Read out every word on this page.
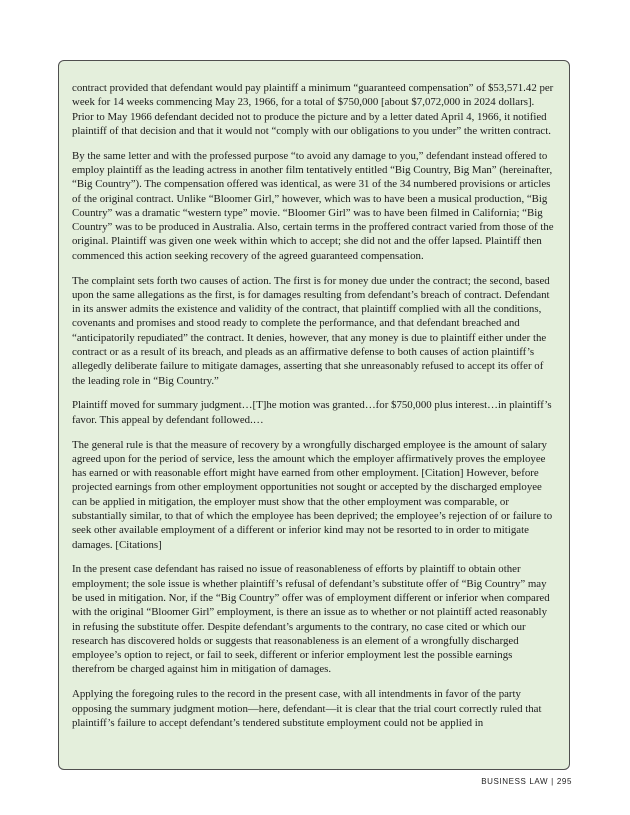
contract provided that defendant would pay plaintiff a minimum “guaranteed compensation” of $53,571.42 per week for 14 weeks commencing May 23, 1966, for a total of $750,000 [about $7,072,000 in 2024 dollars]. Prior to May 1966 defendant decided not to produce the picture and by a letter dated April 4, 1966, it notified plaintiff of that decision and that it would not “comply with our obligations to you under” the written contract.

By the same letter and with the professed purpose “to avoid any damage to you,” defendant instead offered to employ plaintiff as the leading actress in another film tentatively entitled “Big Country, Big Man” (hereinafter, “Big Country”). The compensation offered was identical, as were 31 of the 34 numbered provisions or articles of the original contract. Unlike “Bloomer Girl,” however, which was to have been a musical production, “Big Country” was a dramatic “western type” movie. “Bloomer Girl” was to have been filmed in California; “Big Country” was to be produced in Australia. Also, certain terms in the proffered contract varied from those of the original. Plaintiff was given one week within which to accept; she did not and the offer lapsed. Plaintiff then commenced this action seeking recovery of the agreed guaranteed compensation.

The complaint sets forth two causes of action. The first is for money due under the contract; the second, based upon the same allegations as the first, is for damages resulting from defendant’s breach of contract. Defendant in its answer admits the existence and validity of the contract, that plaintiff complied with all the conditions, covenants and promises and stood ready to complete the performance, and that defendant breached and “anticipatorily repudiated” the contract. It denies, however, that any money is due to plaintiff either under the contract or as a result of its breach, and pleads as an affirmative defense to both causes of action plaintiff’s allegedly deliberate failure to mitigate damages, asserting that she unreasonably refused to accept its offer of the leading role in “Big Country.”

Plaintiff moved for summary judgment…[T]he motion was granted…for $750,000 plus interest…in plaintiff’s favor. This appeal by defendant followed.…

The general rule is that the measure of recovery by a wrongfully discharged employee is the amount of salary agreed upon for the period of service, less the amount which the employer affirmatively proves the employee has earned or with reasonable effort might have earned from other employment. [Citation] However, before projected earnings from other employment opportunities not sought or accepted by the discharged employee can be applied in mitigation, the employer must show that the other employment was comparable, or substantially similar, to that of which the employee has been deprived; the employee’s rejection of or failure to seek other available employment of a different or inferior kind may not be resorted to in order to mitigate damages. [Citations]

In the present case defendant has raised no issue of reasonableness of efforts by plaintiff to obtain other employment; the sole issue is whether plaintiff’s refusal of defendant’s substitute offer of “Big Country” may be used in mitigation. Nor, if the “Big Country” offer was of employment different or inferior when compared with the original “Bloomer Girl” employment, is there an issue as to whether or not plaintiff acted reasonably in refusing the substitute offer. Despite defendant’s arguments to the contrary, no case cited or which our research has discovered holds or suggests that reasonableness is an element of a wrongfully discharged employee’s option to reject, or fail to seek, different or inferior employment lest the possible earnings therefrom be charged against him in mitigation of damages.

Applying the foregoing rules to the record in the present case, with all intendments in favor of the party opposing the summary judgment motion—here, defendant—it is clear that the trial court correctly ruled that plaintiff’s failure to accept defendant’s tendered substitute employment could not be applied in

BUSINESS LAW | 295
